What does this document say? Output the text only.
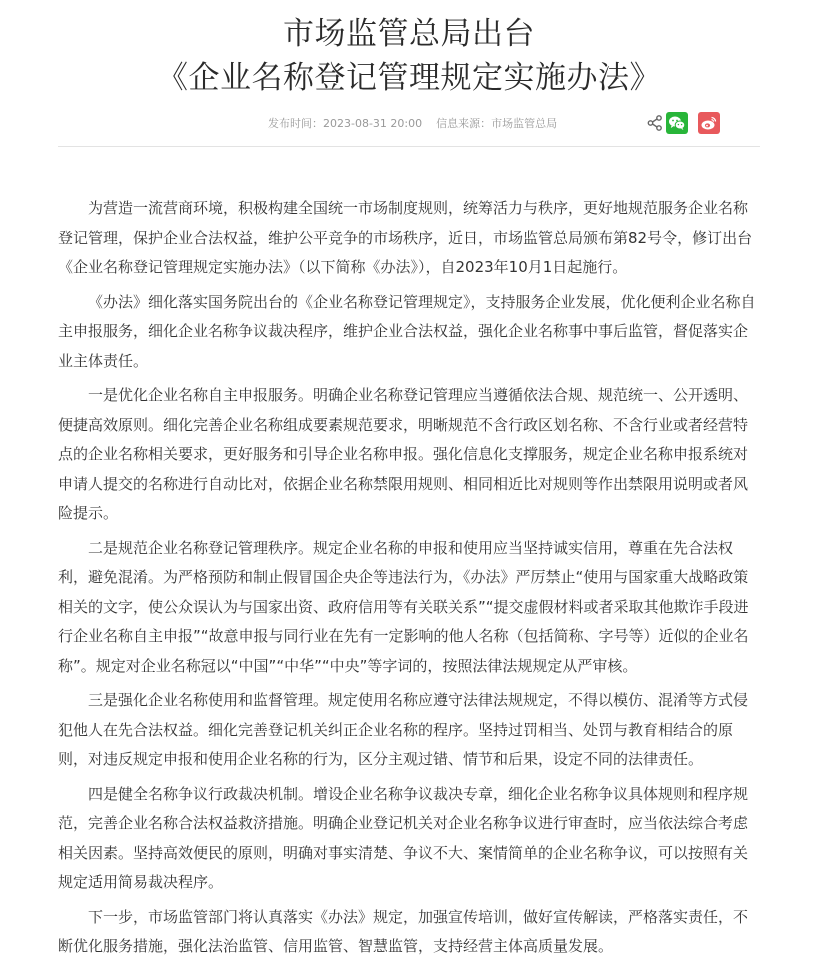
市场监管总局出台
《企业名称登记管理规定实施办法》
发布时间：2023-08-31 20:00 信息来源：市场监管总局

为营造一流营商环境，积极构建全国统一市场制度规则，统筹活力与秩序，更好地规范服务企业名称登记管理，保护企业合法权益，维护公平竞争的市场秩序，近日，市场监管总局颁布第82号令，修订出台《企业名称登记管理规定实施办法》（以下简称《办法》），自2023年10月1日起施行。

《办法》细化落实国务院出台的《企业名称登记管理规定》，支持服务企业发展，优化便利企业名称自主申报服务，细化企业名称争议裁决程序，维护企业合法权益，强化企业名称事中事后监管，督促落实企业主体责任。

一是优化企业名称自主申报服务。明确企业名称登记管理应当遵循依法合规、规范统一、公开透明、便捷高效原则。细化完善企业名称组成要素规范要求，明晰规范不含行政区划名称、不含行业或者经营特点的企业名称相关要求，更好服务和引导企业名称申报。强化信息化支撑服务，规定企业名称申报系统对申请人提交的名称进行自动比对，依据企业名称禁限用规则、相同相近比对规则等作出禁限用说明或者风险提示。

二是规范企业名称登记管理秩序。规定企业名称的申报和使用应当坚持诚实信用，尊重在先合法权利，避免混淆。为严格预防和制止假冒国企央企等违法行为，《办法》严厉禁止“使用与国家重大战略政策相关的文字，使公众误认为与国家出资、政府信用等有关联关系”“提交虚假材料或者采取其他欺诈手段进行企业名称自主申报”“故意申报与同行业在先有一定影响的他人名称（包括简称、字号等）近似的企业名称”。规定对企业名称冠以“中国”“中华”“中央”等字词的，按照法律法规规定从严审核。

三是强化企业名称使用和监督管理。规定使用名称应遵守法律法规规定，不得以模仿、混淆等方式侵犯他人在先合法权益。细化完善登记机关纠正企业名称的程序。坚持过罚相当、处罚与教育相结合的原则，对违反规定申报和使用企业名称的行为，区分主观过错、情节和后果，设定不同的法律责任。

四是健全名称争议行政裁决机制。增设企业名称争议裁决专章，细化企业名称争议具体规则和程序规范，完善企业名称合法权益救济措施。明确企业登记机关对企业名称争议进行审查时，应当依法综合考虑相关因素。坚持高效便民的原则，明确对事实清楚、争议不大、案情简单的企业名称争议，可以按照有关规定适用简易裁决程序。

下一步，市场监管部门将认真落实《办法》规定，加强宣传培训，做好宣传解读，严格落实责任，不断优化服务措施，强化法治监管、信用监管、智慧监管，支持经营主体高质量发展。
